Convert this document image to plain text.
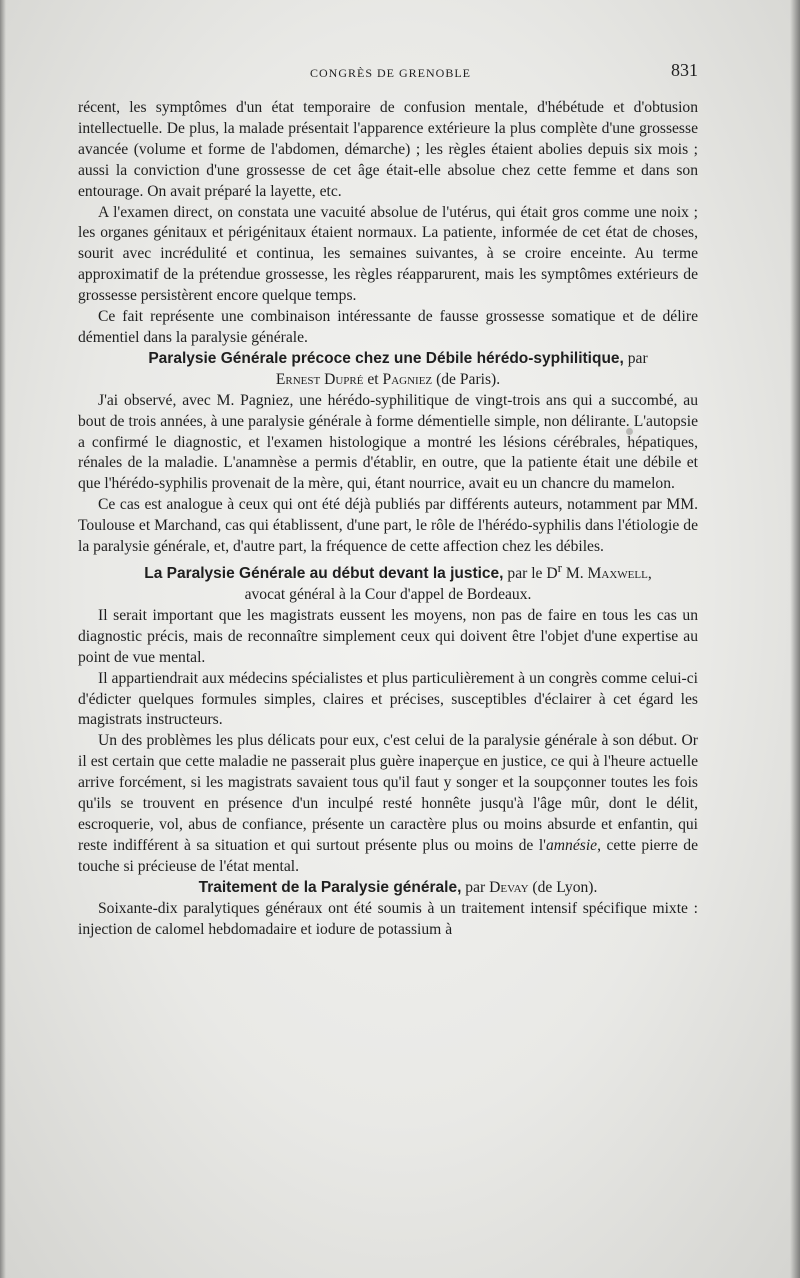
CONGRÈS DE GRENOBLE	831

récent, les symptômes d'un état temporaire de confusion mentale, d'hébétude et d'obtusion intellectuelle. De plus, la malade présentait l'apparence extérieure la plus complète d'une grossesse avancée (volume et forme de l'abdomen, démarche) ; les règles étaient abolies depuis six mois ; aussi la conviction d'une grossesse de cet âge était-elle absolue chez cette femme et dans son entourage. On avait préparé la layette, etc.

A l'examen direct, on constata une vacuité absolue de l'utérus, qui était gros comme une noix ; les organes génitaux et périgénitaux étaient normaux. La patiente, informée de cet état de choses, sourit avec incrédulité et continua, les semaines suivantes, à se croire enceinte. Au terme approximatif de la prétendue grossesse, les règles réapparurent, mais les symptômes extérieurs de grossesse persistèrent encore quelque temps.

Ce fait représente une combinaison intéressante de fausse grossesse somatique et de délire démentiel dans la paralysie générale.

Paralysie Générale précoce chez une Débile hérédo-syphilitique, par
Ernest Dupré et Pagniez (de Paris).

J'ai observé, avec M. Pagniez, une hérédo-syphilitique de vingt-trois ans qui a succombé, au bout de trois années, à une paralysie générale à forme démentielle simple, non délirante. L'autopsie a confirmé le diagnostic, et l'examen histologique a montré les lésions cérébrales, hépatiques, rénales de la maladie. L'anamnèse a permis d'établir, en outre, que la patiente était une débile et que l'hérédo-syphilis provenait de la mère, qui, étant nourrice, avait eu un chancre du mamelon.

Ce cas est analogue à ceux qui ont été déjà publiés par différents auteurs, notamment par MM. Toulouse et Marchand, cas qui établissent, d'une part, le rôle de l'hérédo-syphilis dans l'étiologie de la paralysie générale, et, d'autre part, la fréquence de cette affection chez les débiles.

La Paralysie Générale au début devant la justice, par le $D^r$ M. Maxwell,
avocat général à la Cour d'appel de Bordeaux.

Il serait important que les magistrats eussent les moyens, non pas de faire en tous les cas un diagnostic précis, mais de reconnaître simplement ceux qui doivent être l'objet d'une expertise au point de vue mental.

Il appartiendrait aux médecins spécialistes et plus particulièrement à un congrès comme celui-ci d'édicter quelques formules simples, claires et précises, susceptibles d'éclairer à cet égard les magistrats instructeurs.

Un des problèmes les plus délicats pour eux, c'est celui de la paralysie générale à son début. Or il est certain que cette maladie ne passerait plus guère inaperçue en justice, ce qui à l'heure actuelle arrive forcément, si les magistrats savaient tous qu'il faut y songer et la soupçonner toutes les fois qu'ils se trouvent en présence d'un inculpé resté honnête jusqu'à l'âge mûr, dont le délit, escroquerie, vol, abus de confiance, présente un caractère plus ou moins absurde et enfantin, qui reste indifférent à sa situation et qui surtout présente plus ou moins de l'amnésie, cette pierre de touche si précieuse de l'état mental.

Traitement de la Paralysie générale, par Devay (de Lyon).

Soixante-dix paralytiques généraux ont été soumis à un traitement intensif spécifique mixte : injection de calomel hebdomadaire et iodure de potassium à
